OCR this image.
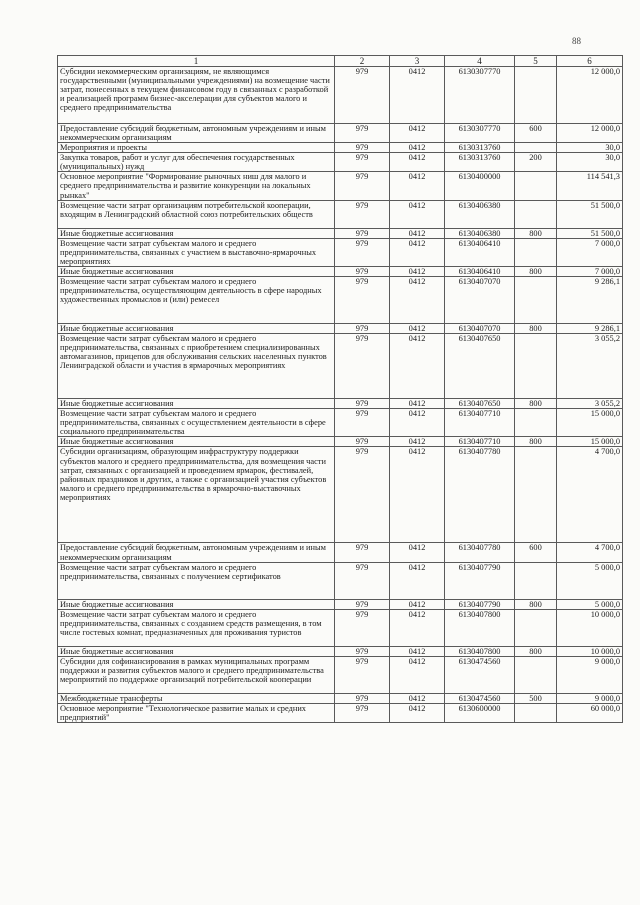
88
1	2	3	4	5	6
Субсидии некоммерческим организациям, не являющимся государственными (муниципальными учреждениями) на возмещение части затрат, понесенных в текущем финансовом году в связанных с разработкой и реализацией программ бизнес-акселерации для субъектов малого и среднего предпринимательства	979	0412	6130307770		12 000,0
Предоставление субсидий бюджетным, автономным учреждениям и иным некоммерческим организациям	979	0412	6130307770	600	12 000,0
Мероприятия и проекты	979	0412	6130313760		30,0
Закупка товаров, работ и услуг для обеспечения государственных (муниципальных) нужд	979	0412	6130313760	200	30,0
Основное мероприятие "Формирование рыночных ниш для малого и среднего предпринимательства и развитие конкуренции на локальных рынках"	979	0412	6130400000		114 541,3
Возмещение части затрат организациям потребительской кооперации, входящим в Ленинградский областной союз потребительских обществ	979	0412	6130406380		51 500,0
Иные бюджетные ассигнования	979	0412	6130406380	800	51 500,0
Возмещение части затрат субъектам малого и среднего предпринимательства, связанных с участием в выставочно-ярмарочных мероприятиях	979	0412	6130406410		7 000,0
Иные бюджетные ассигнования	979	0412	6130406410	800	7 000,0
Возмещение части затрат субъектам малого и среднего предпринимательства, осуществляющим деятельность в сфере народных художественных промыслов и (или) ремесел	979	0412	6130407070		9 286,1
Иные бюджетные ассигнования	979	0412	6130407070	800	9 286,1
Возмещение части затрат субъектам малого и среднего предпринимательства, связанных с приобретением специализированных автомагазинов, прицепов для обслуживания сельских населенных пунктов Ленинградской области и участия в ярмарочных мероприятиях	979	0412	6130407650		3 055,2
Иные бюджетные ассигнования	979	0412	6130407650	800	3 055,2
Возмещение части затрат субъектам малого и среднего предпринимательства, связанных с осуществлением деятельности в сфере социального предпринимательства	979	0412	6130407710		15 000,0
Иные бюджетные ассигнования	979	0412	6130407710	800	15 000,0
Субсидии организациям, образующим инфраструктуру поддержки субъектов малого и среднего предпринимательства, для возмещения части затрат, связанных с организацией и проведением ярмарок, фестивалей, районных праздников и других, а также с организацией участия субъектов малого и среднего предпринимательства в ярмарочно-выставочных мероприятиях	979	0412	6130407780		4 700,0
Предоставление субсидий бюджетным, автономным учреждениям и иным некоммерческим организациям	979	0412	6130407780	600	4 700,0
Возмещение части затрат субъектам малого и среднего предпринимательства, связанных с получением сертификатов	979	0412	6130407790		5 000,0
Иные бюджетные ассигнования	979	0412	6130407790	800	5 000,0
Возмещение части затрат субъектам малого и среднего предпринимательства, связанных с созданием средств размещения, в том числе гостевых комнат, предназначенных для проживания туристов	979	0412	6130407800		10 000,0
Иные бюджетные ассигнования	979	0412	6130407800	800	10 000,0
Субсидии для софинансирования в рамках муниципальных программ поддержки и развития субъектов малого и среднего предпринимательства мероприятий по поддержке организаций потребительской кооперации	979	0412	6130474560		9 000,0
Межбюджетные трансферты	979	0412	6130474560	500	9 000,0
Основное мероприятие "Технологическое развитие малых и средних предприятий"	979	0412	6130600000		60 000,0
